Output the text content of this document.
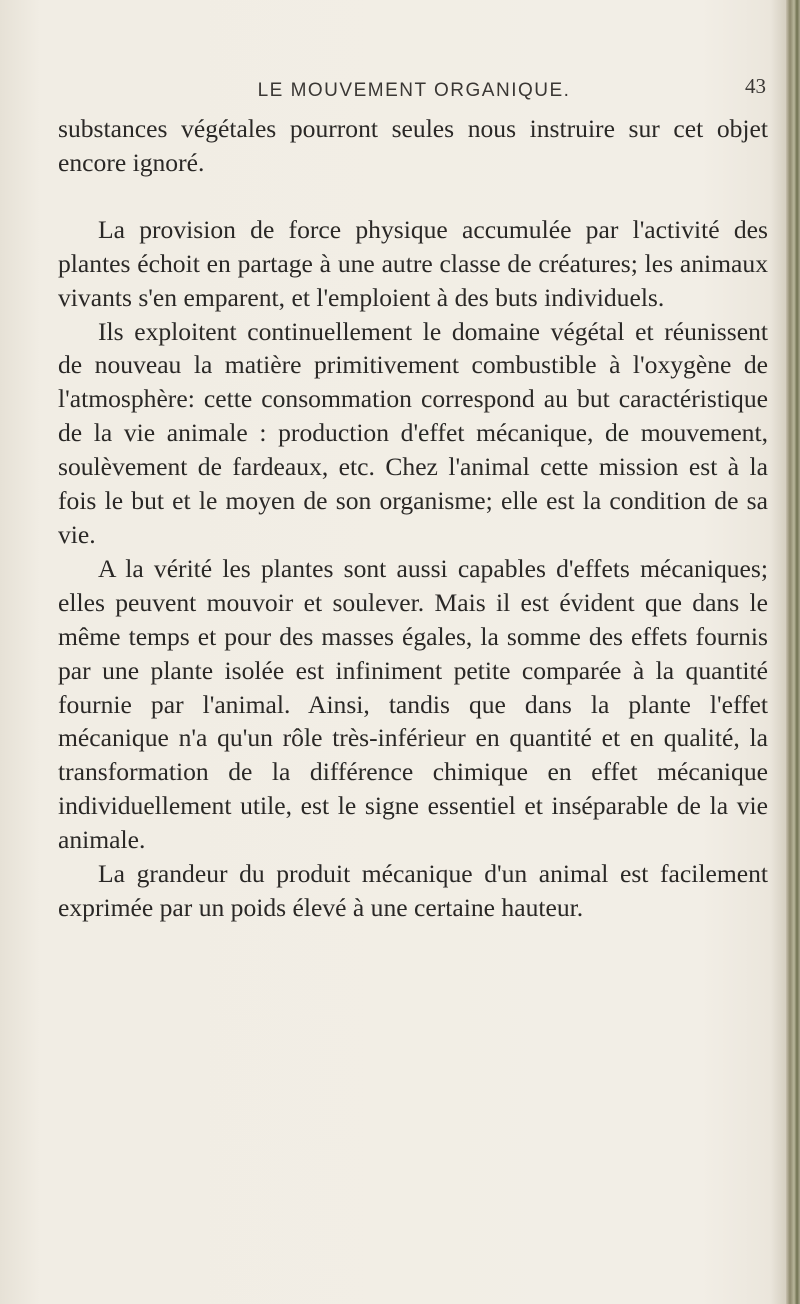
LE MOUVEMENT ORGANIQUE.	43

substances végétales pourront seules nous instruire sur cet objet encore ignoré.

La provision de force physique accumulée par l'activité des plantes échoit en partage à une autre classe de créatures; les animaux vivants s'en emparent, et l'emploient à des buts individuels.

Ils exploitent continuellement le domaine végétal et réunissent de nouveau la matière primitivement combustible à l'oxygène de l'atmosphère: cette consommation correspond au but caractéristique de la vie animale : production d'effet mécanique, de mouvement, soulèvement de fardeaux, etc. Chez l'animal cette mission est à la fois le but et le moyen de son organisme; elle est la condition de sa vie.

A la vérité les plantes sont aussi capables d'effets mécaniques; elles peuvent mouvoir et soulever. Mais il est évident que dans le même temps et pour des masses égales, la somme des effets fournis par une plante isolée est infiniment petite comparée à la quantité fournie par l'animal. Ainsi, tandis que dans la plante l'effet mécanique n'a qu'un rôle très-inférieur en quantité et en qualité, la transformation de la différence chimique en effet mécanique individuellement utile, est le signe essentiel et inséparable de la vie animale.

La grandeur du produit mécanique d'un animal est facilement exprimée par un poids élevé à une certaine hauteur.
